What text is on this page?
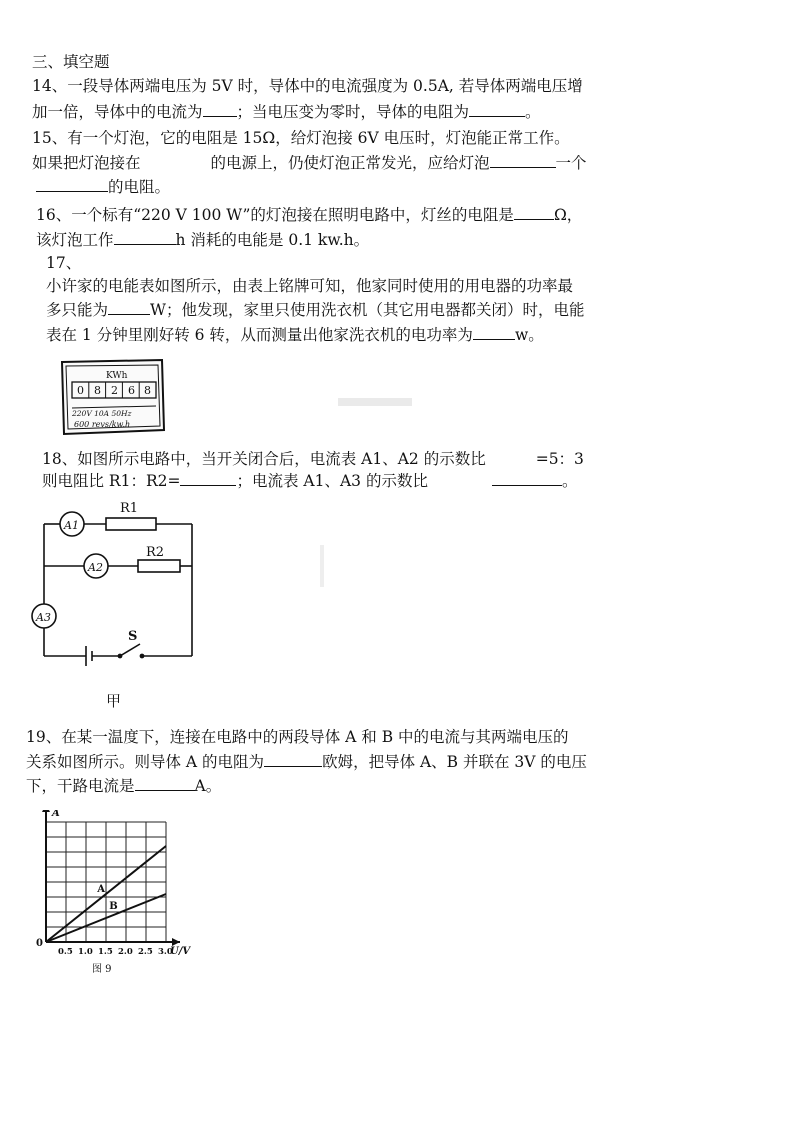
三、填空题
14、一段导体两端电压为 5V 时，导体中的电流强度为 0.5A, 若导体两端电压增
加一倍，导体中的电流为 ；当电压变为零时，导体的电阻为	。
15、有一个灯泡，它的电阻是 15Ω，给灯泡接 6V 电压时，灯泡能正常工作。
如果把灯泡接在	的电源上，仍使灯泡正常发光，应给灯泡	一个
的电阻。
16、一个标有“220 V 100 W”的灯泡接在照明电路中，灯丝的电阻是	Ω，
该灯泡工作	h 消耗的电能是 0.1 kw.h。
17、
小许家的电能表如图所示，由表上铭牌可知，他家同时使用的用电器的功率最
多只能为	W；他发现，家里只使用洗衣机（其它用电器都关闭）时，电能
表在 1 分钟里刚好转 6 转，从而测量出他家洗衣机的电功率为	w。
KWh
0 8 2 6 8
220V 10A 50Hz
600 revs/kw.h
18、如图所示电路中，当开关闭合后，电流表 A1、A2 的示数比	=5：3
则电阻比 R1：R2=	；电流表 A1、A3 的示数比	。
A1
A2
A3
R1
R2
S
甲
19、在某一温度下，连接在电路中的两段导体 A 和 B 中的电流与其两端电压的
关系如图所示。则导体 A 的电阻为	欧姆，把导体 A、B 并联在 3V 的电压
下，干路电流是	A。
A
B
0.5 1.0 1.5 2.0 2.5 3.0
0
U/V
A
图 9
